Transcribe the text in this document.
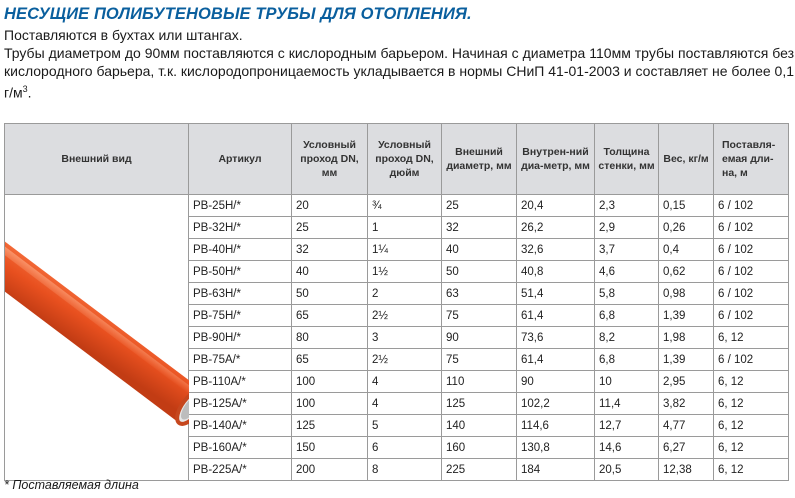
НЕСУЩИЕ ПОЛИБУТЕНОВЫЕ ТРУБЫ ДЛЯ ОТОПЛЕНИЯ.

Поставляются в бухтах или штангах.

Трубы диаметром до 90мм поставляются с кислородным барьером. Начиная с диаметра 110мм трубы поставляются без кислородного барьера, т.к. кислородопроницаемость укладывается в нормы СНиП 41-01-2003 и составляет не более 0,1 $г/м^3$.

Внешний вид	Артикул	Условный проход DN, мм	Условный проход DN, дюйм	Внешний диаметр, мм	Внутрен-ний диа-метр, мм	Толщина стенки, мм	Вес, кг/м	Поставля-емая дли-на, м
	PB-25H/*	20	¾	25	20,4	2,3	0,15	6 / 102
	PB-32H/*	25	1	32	26,2	2,9	0,26	6 / 102
	PB-40H/*	32	1¼	40	32,6	3,7	0,4	6 / 102
	PB-50H/*	40	1½	50	40,8	4,6	0,62	6 / 102
	PB-63H/*	50	2	63	51,4	5,8	0,98	6 / 102
	PB-75H/*	65	2½	75	61,4	6,8	1,39	6 / 102
	PB-90H/*	80	3	90	73,6	8,2	1,98	6, 12
	PB-75A/*	65	2½	75	61,4	6,8	1,39	6 / 102
	PB-110A/*	100	4	110	90	10	2,95	6, 12
	PB-125A/*	100	4	125	102,2	11,4	3,82	6, 12
	PB-140A/*	125	5	140	114,6	12,7	4,77	6, 12
	PB-160A/*	150	6	160	130,8	14,6	6,27	6, 12
	PB-225A/*	200	8	225	184	20,5	12,38	6, 12
* Поставляемая длина
